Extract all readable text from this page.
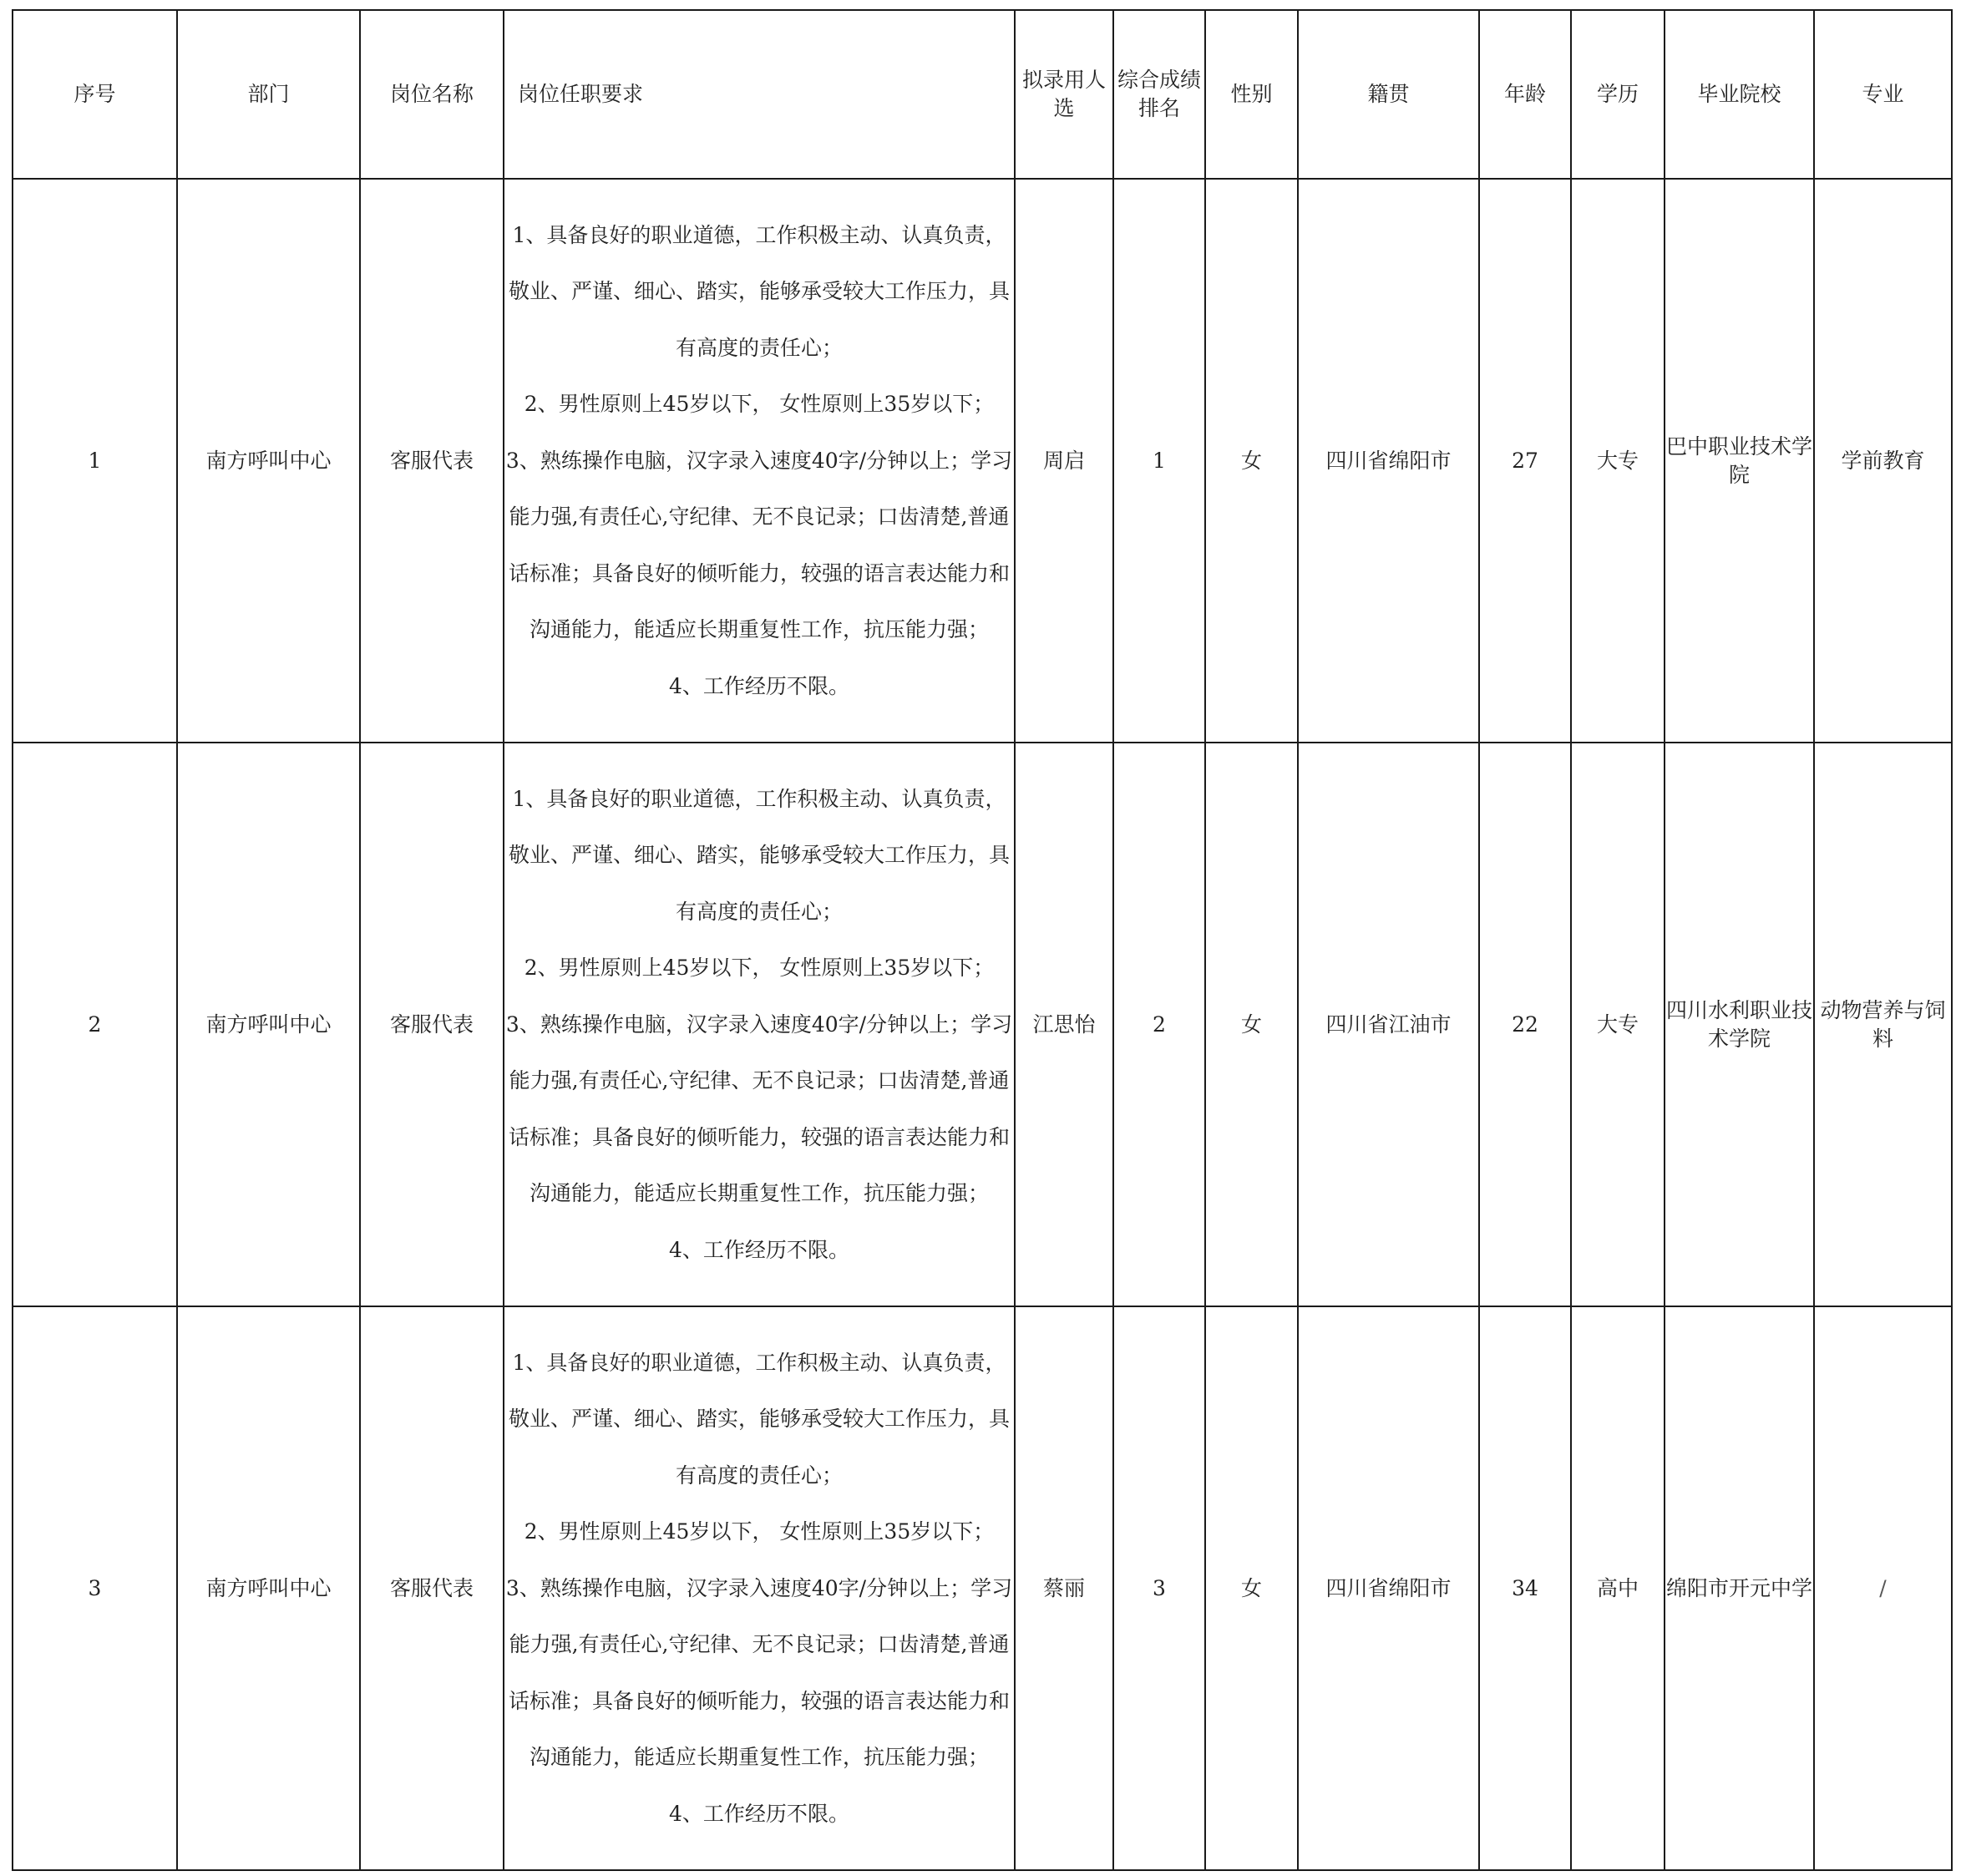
序号	部门	岗位名称	岗位任职要求	拟录用人选	综合成绩排名	性别	籍贯	年龄	学历	毕业院校	专业
1	南方呼叫中心	客服代表	1、具备良好的职业道德，工作积极主动、认真负责，敬业、严谨、细心、踏实，能够承受较大工作压力，具有高度的责任心；
2、男性原则上45岁以下， 女性原则上35岁以下；
3、熟练操作电脑，汉字录入速度40字/分钟以上；学习能力强,有责任心,守纪律、无不良记录；口齿清楚,普通话标准；具备良好的倾听能力，较强的语言表达能力和沟通能力，能适应长期重复性工作，抗压能力强；
4、工作经历不限。	周启	1	女	四川省绵阳市	27	大专	巴中职业技术学院	学前教育
2	南方呼叫中心	客服代表	1、具备良好的职业道德，工作积极主动、认真负责，敬业、严谨、细心、踏实，能够承受较大工作压力，具有高度的责任心；
2、男性原则上45岁以下， 女性原则上35岁以下；
3、熟练操作电脑，汉字录入速度40字/分钟以上；学习能力强,有责任心,守纪律、无不良记录；口齿清楚,普通话标准；具备良好的倾听能力，较强的语言表达能力和沟通能力，能适应长期重复性工作，抗压能力强；
4、工作经历不限。	江思怡	2	女	四川省江油市	22	大专	四川水利职业技术学院	动物营养与饲料
3	南方呼叫中心	客服代表	1、具备良好的职业道德，工作积极主动、认真负责，敬业、严谨、细心、踏实，能够承受较大工作压力，具有高度的责任心；
2、男性原则上45岁以下， 女性原则上35岁以下；
3、熟练操作电脑，汉字录入速度40字/分钟以上；学习能力强,有责任心,守纪律、无不良记录；口齿清楚,普通话标准；具备良好的倾听能力，较强的语言表达能力和沟通能力，能适应长期重复性工作，抗压能力强；
4、工作经历不限。	蔡丽	3	女	四川省绵阳市	34	高中	绵阳市开元中学	/
